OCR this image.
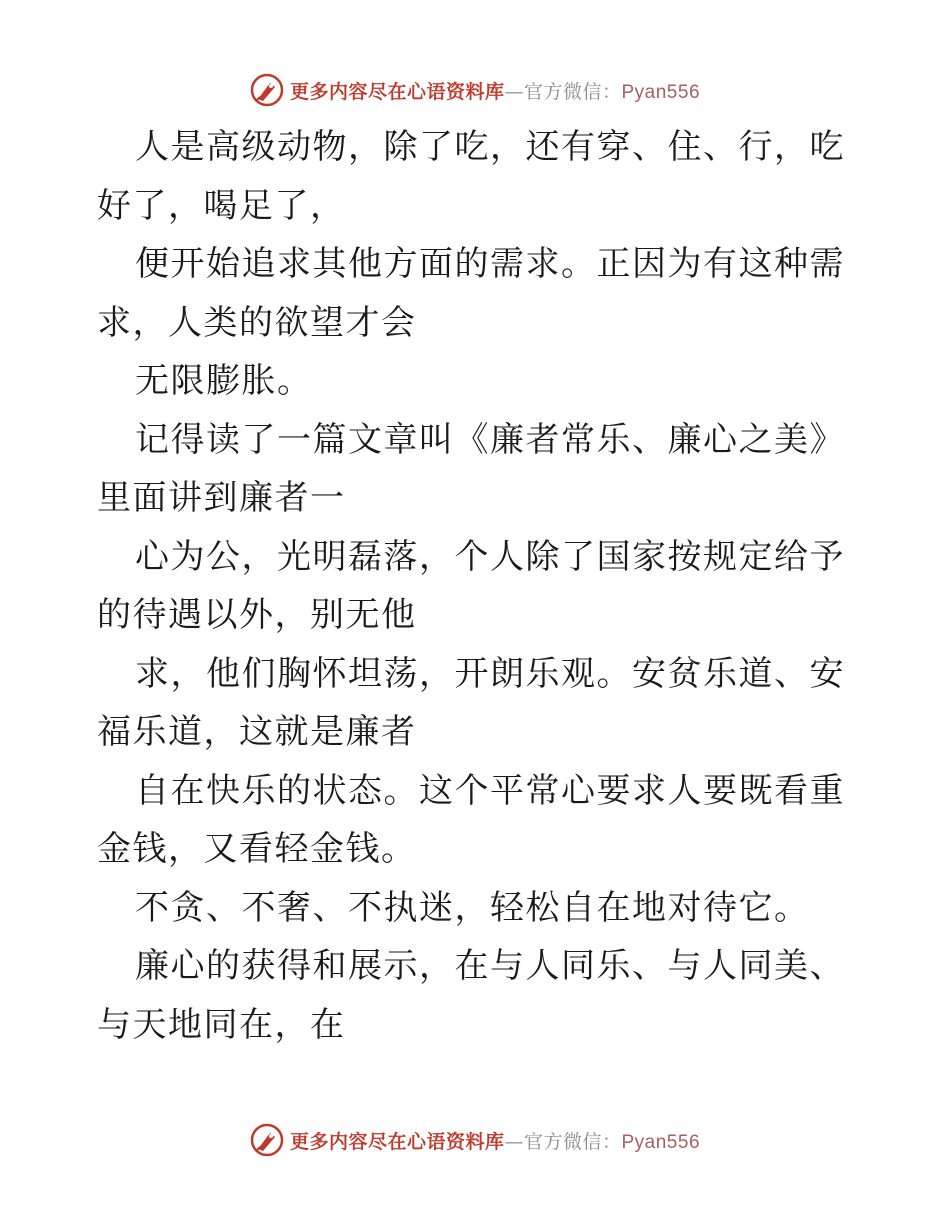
更多内容尽在心语资料库—官方微信：Pyan556

人是高级动物，除了吃，还有穿、住、行，吃好了，喝足了，

便开始追求其他方面的需求。正因为有这种需求，人类的欲望才会

无限膨胀。

记得读了一篇文章叫《廉者常乐、廉心之美》里面讲到廉者一

心为公，光明磊落，个人除了国家按规定给予的待遇以外，别无他

求，他们胸怀坦荡，开朗乐观。安贫乐道、安福乐道，这就是廉者

自在快乐的状态。这个平常心要求人要既看重金钱，又看轻金钱。

不贪、不奢、不执迷，轻松自在地对待它。

廉心的获得和展示，在与人同乐、与人同美、与天地同在，在

更多内容尽在心语资料库—官方微信：Pyan556
